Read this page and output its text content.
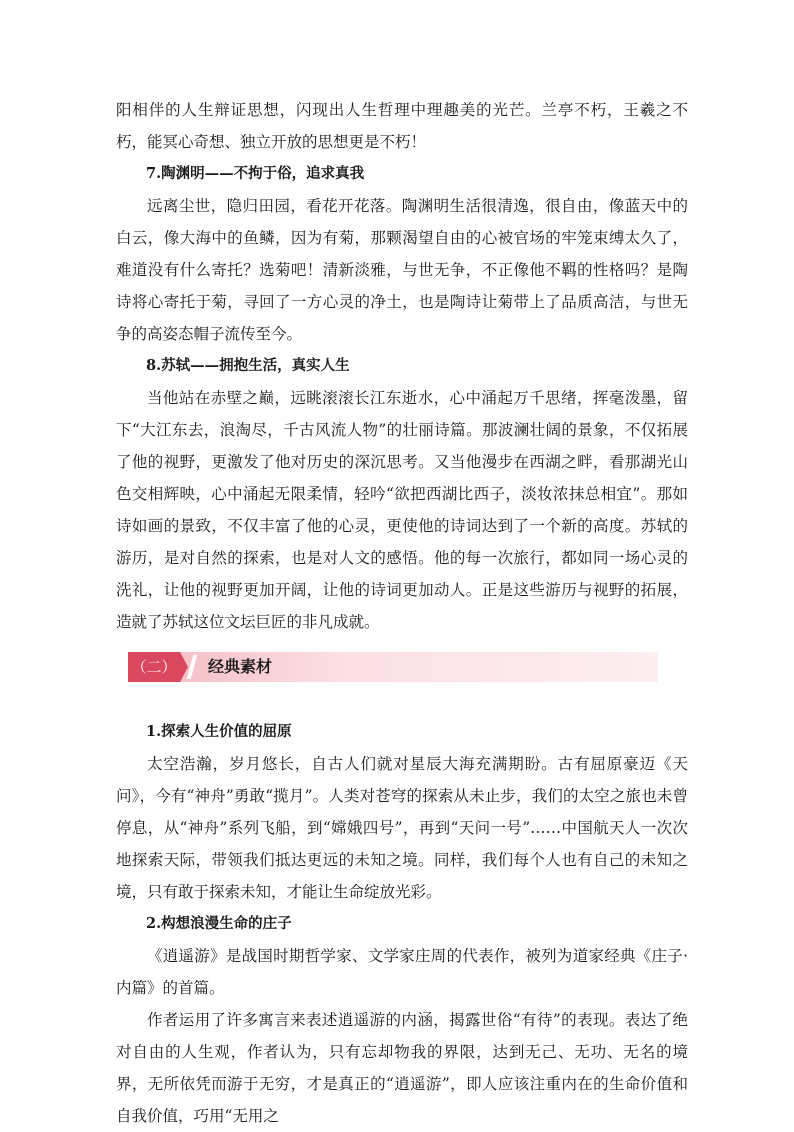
阳相伴的人生辩证思想，闪现出人生哲理中理趣美的光芒。兰亭不朽，王羲之不朽，能冥心奇想、独立开放的思想更是不朽！

7.陶渊明——不拘于俗，追求真我

远离尘世，隐归田园，看花开花落。陶渊明生活很清逸，很自由，像蓝天中的白云，像大海中的鱼鳞，因为有菊，那颗渴望自由的心被官场的牢笼束缚太久了，难道没有什么寄托？选菊吧！清新淡雅，与世无争，不正像他不羁的性格吗？是陶诗将心寄托于菊，寻回了一方心灵的净土，也是陶诗让菊带上了品质高洁，与世无争的高姿态帽子流传至今。

8.苏轼——拥抱生活，真实人生

当他站在赤壁之巅，远眺滚滚长江东逝水，心中涌起万千思绪，挥毫泼墨，留下“大江东去，浪淘尽，千古风流人物”的壮丽诗篇。那波澜壮阔的景象，不仅拓展了他的视野，更激发了他对历史的深沉思考。又当他漫步在西湖之畔，看那湖光山色交相辉映，心中涌起无限柔情，轻吟“欲把西湖比西子，淡妆浓抹总相宜”。那如诗如画的景致，不仅丰富了他的心灵，更使他的诗词达到了一个新的高度。苏轼的游历，是对自然的探索，也是对人文的感悟。他的每一次旅行，都如同一场心灵的洗礼，让他的视野更加开阔，让他的诗词更加动人。正是这些游历与视野的拓展，造就了苏轼这位文坛巨匠的非凡成就。

（二） 经典素材

1.探索人生价值的屈原

太空浩瀚，岁月悠长，自古人们就对星辰大海充满期盼。古有屈原豪迈《天问》，今有“神舟”勇敢“揽月”。人类对苍穹的探索从未止步，我们的太空之旅也未曾停息，从“神舟”系列飞船，到“嫦娥四号”，再到“天问一号”……中国航天人一次次地探索天际，带领我们抵达更远的未知之境。同样，我们每个人也有自己的未知之境，只有敢于探索未知，才能让生命绽放光彩。

2.构想浪漫生命的庄子

《逍遥游》是战国时期哲学家、文学家庄周的代表作，被列为道家经典《庄子·内篇》的首篇。

作者运用了许多寓言来表述逍遥游的内涵，揭露世俗“有待”的表现。表达了绝对自由的人生观，作者认为，只有忘却物我的界限，达到无己、无功、无名的境界，无所依凭而游于无穷，才是真正的“逍遥游”，即人应该注重内在的生命价值和自我价值，巧用“无用之
